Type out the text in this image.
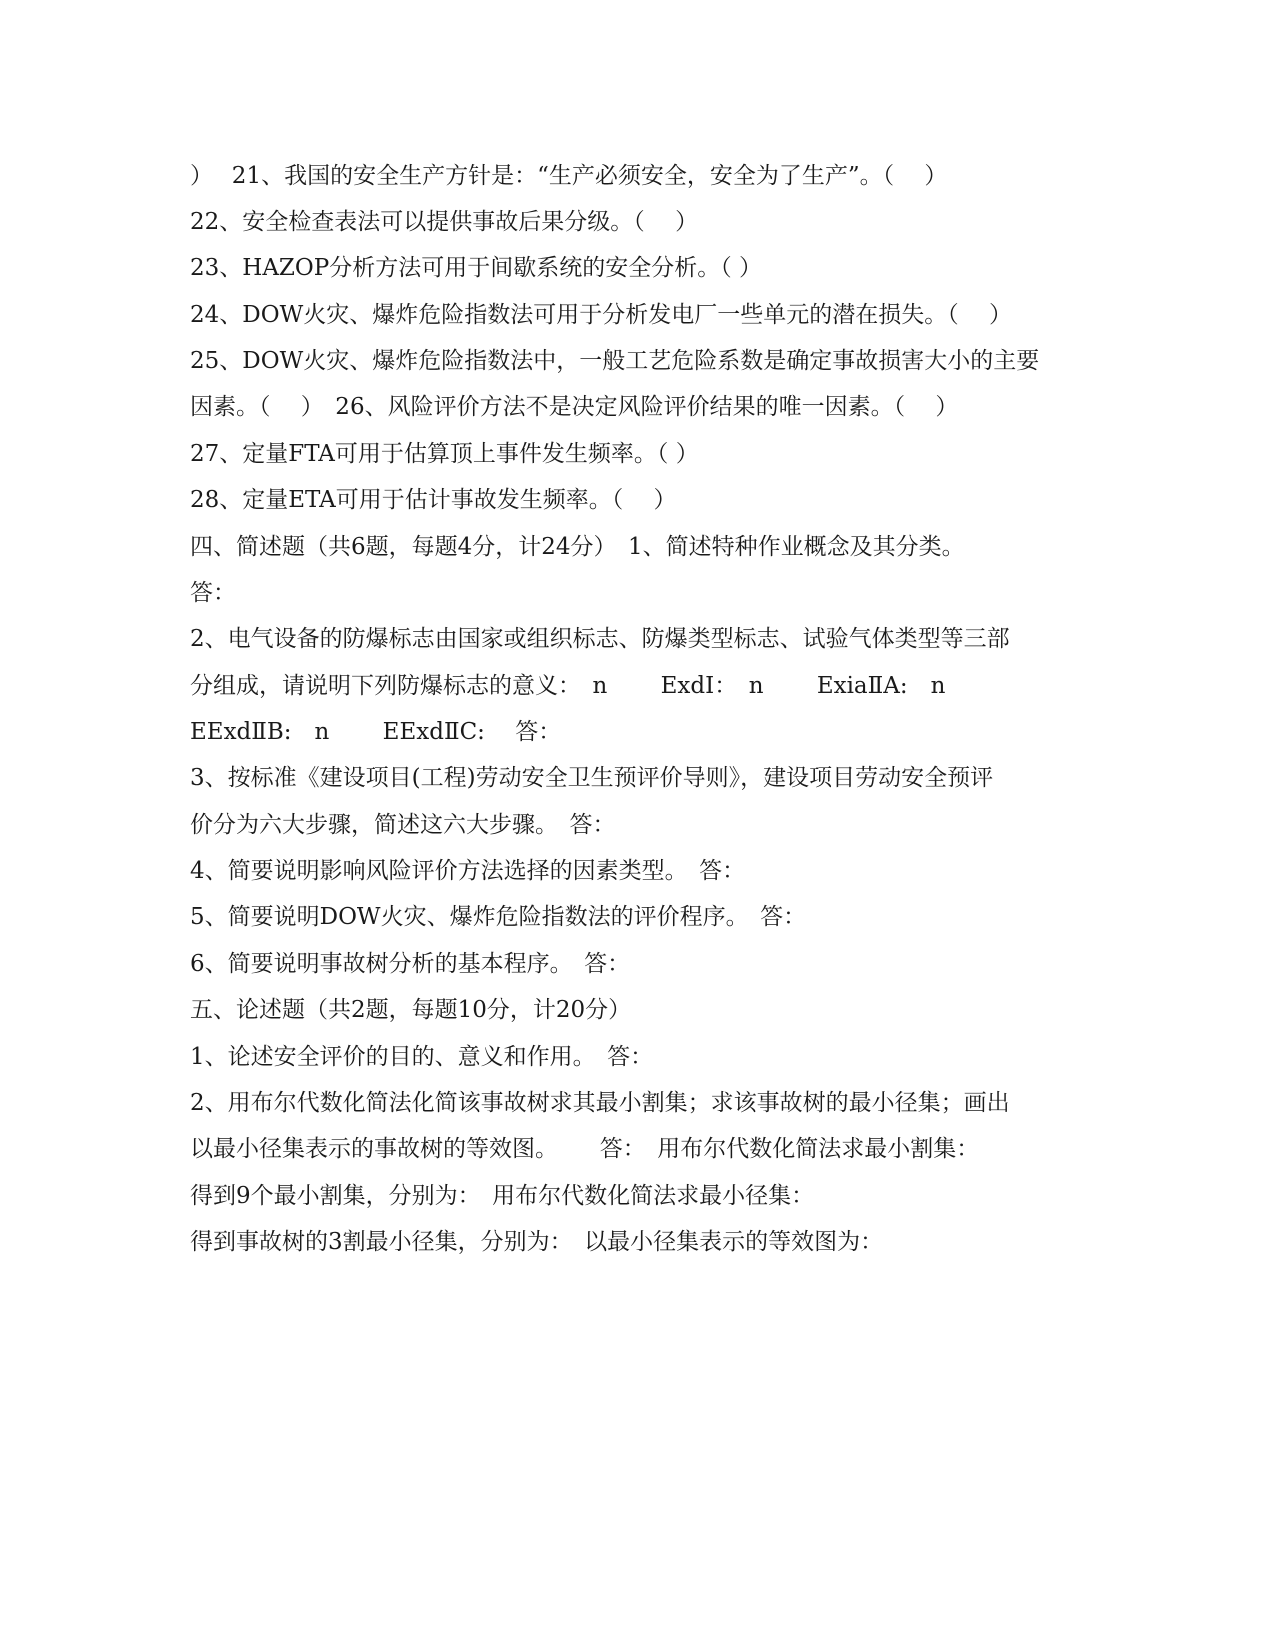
）　 21、我国的安全生产方针是：“生产必须安全，安全为了生产”。（　 ）
22、安全检查表法可以提供事故后果分级。（　 ）
23、HAZOP分析方法可用于间歇系统的安全分析。（ ）
24、DOW火灾、爆炸危险指数法可用于分析发电厂一些单元的潜在损失。（　 ）
25、DOW火灾、爆炸危险指数法中，一般工艺危险系数是确定事故损害大小的主要
因素。（　 ）　26、风险评价方法不是决定风险评价结果的唯一因素。（　 ）
27、定量FTA可用于估算顶上事件发生频率。（ ）
28、定量ETA可用于估计事故发生频率。（　 ）
四、简述题（共6题，每题4分，计24分）　1、简述特种作业概念及其分类。
答：
2、电气设备的防爆标志由国家或组织标志、防爆类型标志、试验气体类型等三部
分组成，请说明下列防爆标志的意义：　n　　 ExdⅠ：　n　　 ExiaⅡA:　n
EExdⅡB:　n　　 EExdⅡC:　 答：
3、按标准《建设项目(工程)劳动安全卫生预评价导则》，建设项目劳动安全预评
价分为六大步骤，简述这六大步骤。　答：
4、简要说明影响风险评价方法选择的因素类型。　答：
5、简要说明DOW火灾、爆炸危险指数法的评价程序。　答：
6、简要说明事故树分析的基本程序。　答：
五、论述题（共2题，每题10分，计20分）
1、论述安全评价的目的、意义和作用。　答：
2、用布尔代数化简法化简该事故树求其最小割集；求该事故树的最小径集；画出
以最小径集表示的事故树的等效图。　　 答：　用布尔代数化简法求最小割集：
得到9个最小割集，分别为：　用布尔代数化简法求最小径集：
得到事故树的3割最小径集，分别为：　以最小径集表示的等效图为：
